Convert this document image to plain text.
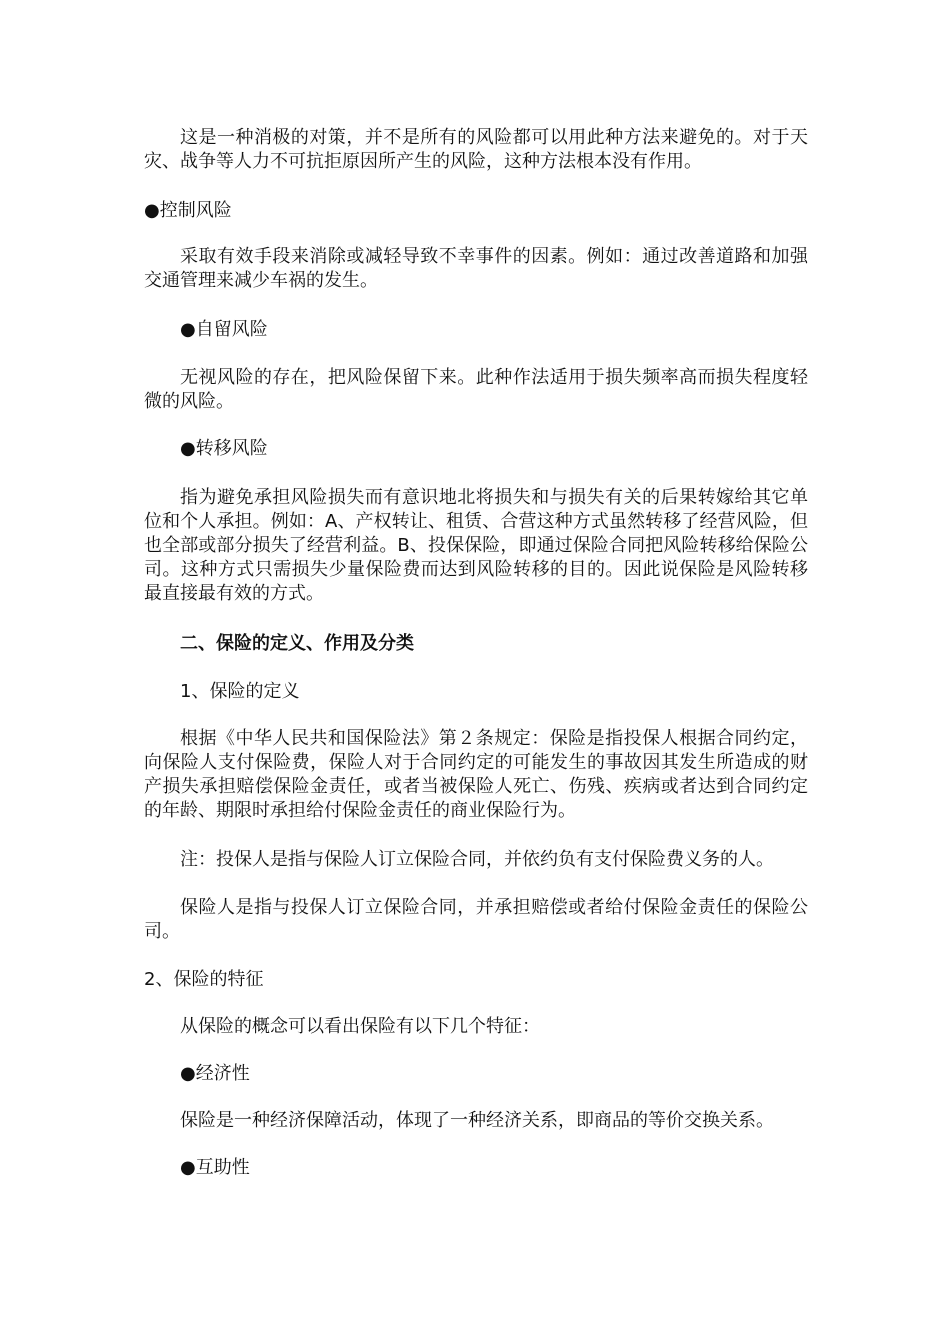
这是一种消极的对策，并不是所有的风险都可以用此种方法来避免的。对于天灾、战争等人力不可抗拒原因所产生的风险，这种方法根本没有作用。

●控制风险

采取有效手段来消除或减轻导致不幸事件的因素。例如：通过改善道路和加强交通管理来减少车祸的发生。

●自留风险

无视风险的存在，把风险保留下来。此种作法适用于损失频率高而损失程度轻微的风险。

●转移风险

指为避免承担风险损失而有意识地北将损失和与损失有关的后果转嫁给其它单位和个人承担。例如：A、产权转让、租赁、合营这种方式虽然转移了经营风险，但也全部或部分损失了经营利益。B、投保保险，即通过保险合同把风险转移给保险公司。这种方式只需损失少量保险费而达到风险转移的目的。因此说保险是风险转移最直接最有效的方式。

二、保险的定义、作用及分类

1、保险的定义

根据《中华人民共和国保险法》第２条规定：保险是指投保人根据合同约定，向保险人支付保险费，保险人对于合同约定的可能发生的事故因其发生所造成的财产损失承担赔偿保险金责任，或者当被保险人死亡、伤残、疾病或者达到合同约定的年龄、期限时承担给付保险金责任的商业保险行为。

注：投保人是指与保险人订立保险合同，并依约负有支付保险费义务的人。

保险人是指与投保人订立保险合同，并承担赔偿或者给付保险金责任的保险公司。

2、保险的特征

从保险的概念可以看出保险有以下几个特征：

●经济性

保险是一种经济保障活动，体现了一种经济关系，即商品的等价交换关系。

●互助性
